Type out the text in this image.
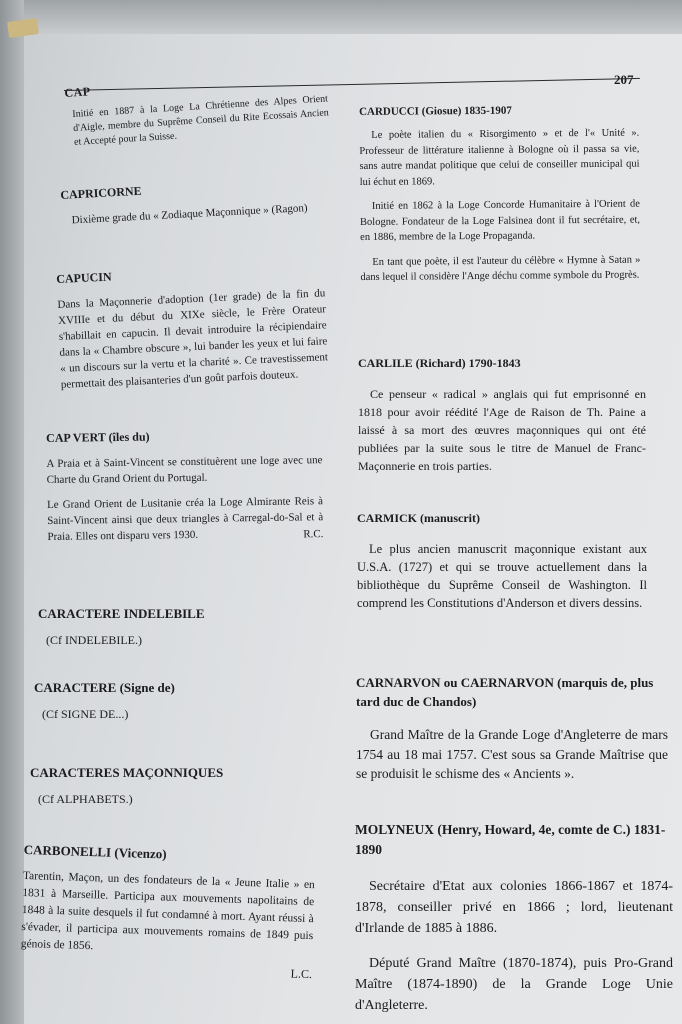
CAP
207

Initié en 1887 à la Loge La Chrétienne des Alpes Orient d'Aigle, membre du Suprême Conseil du Rite Ecossais Ancien et Accepté pour la Suisse.

CAPRICORNE

Dixième grade du « Zodiaque Maçonnique » (Ragon)

CAPUCIN

Dans la Maçonnerie d'adoption (1er grade) de la fin du XVIIIe et du début du XIXe siècle, le Frère Orateur s'habillait en capucin. Il devait introduire la récipiendaire dans la « Chambre obscure », lui bander les yeux et lui faire « un discours sur la vertu et la charité ». Ce travestissement permettait des plaisanteries d'un goût parfois douteux.

CAP VERT (îles du)

A Praia et à Saint-Vincent se constituèrent une loge avec une Charte du Grand Orient du Portugal.

Le Grand Orient de Lusitanie créa la Loge Almirante Reis à Saint-Vincent ainsi que deux triangles à Carregal-do-Sal et à Praia. Elles ont disparu vers 1930.	R.C.

CARACTERE INDELEBILE

(Cf INDELEBILE.)

CARACTERE (Signe de)

(Cf SIGNE DE...)

CARACTERES MAÇONNIQUES

(Cf ALPHABETS.)

CARBONELLI (Vicenzo)

Tarentin, Maçon, un des fondateurs de la « Jeune Italie » en 1831 à Marseille. Participa aux mouvements napolitains de 1848 à la suite desquels il fut condamné à mort. Ayant réussi à s'évader, il participa aux mouvements romains de 1849 puis génois de 1856.

L.C.

CARDUCCI (Giosue) 1835-1907

Le poète italien du « Risorgimento » et de l'« Unité ». Professeur de littérature italienne à Bologne où il passa sa vie, sans autre mandat politique que celui de conseiller municipal qui lui échut en 1869.

Initié en 1862 à la Loge Concorde Humanitaire à l'Orient de Bologne. Fondateur de la Loge Falsinea dont il fut secrétaire, et, en 1886, membre de la Loge Propaganda.

En tant que poète, il est l'auteur du célèbre « Hymne à Satan » dans lequel il considère l'Ange déchu comme symbole du Progrès.

CARLILE (Richard) 1790-1843

Ce penseur « radical » anglais qui fut emprisonné en 1818 pour avoir réédité l'Age de Raison de Th. Paine a laissé à sa mort des œuvres maçonniques qui ont été publiées par la suite sous le titre de Manuel de Franc-Maçonnerie en trois parties.

CARMICK (manuscrit)

Le plus ancien manuscrit maçonnique existant aux U.S.A. (1727) et qui se trouve actuellement dans la bibliothèque du Suprême Conseil de Washington. Il comprend les Constitutions d'Anderson et divers dessins.

CARNARVON ou CAERNARVON (marquis de, plus tard duc de Chandos)

Grand Maître de la Grande Loge d'Angleterre de mars 1754 au 18 mai 1757. C'est sous sa Grande Maîtrise que se produisit le schisme des « Ancients ».

MOLYNEUX (Henry, Howard, 4e, comte de C.) 1831-1890

Secrétaire d'Etat aux colonies 1866-1867 et 1874-1878, conseiller privé en 1866 ; lord, lieutenant d'Irlande de 1885 à 1886.

Député Grand Maître (1870-1874), puis Pro-Grand Maître (1874-1890) de la Grande Loge Unie d'Angleterre.
